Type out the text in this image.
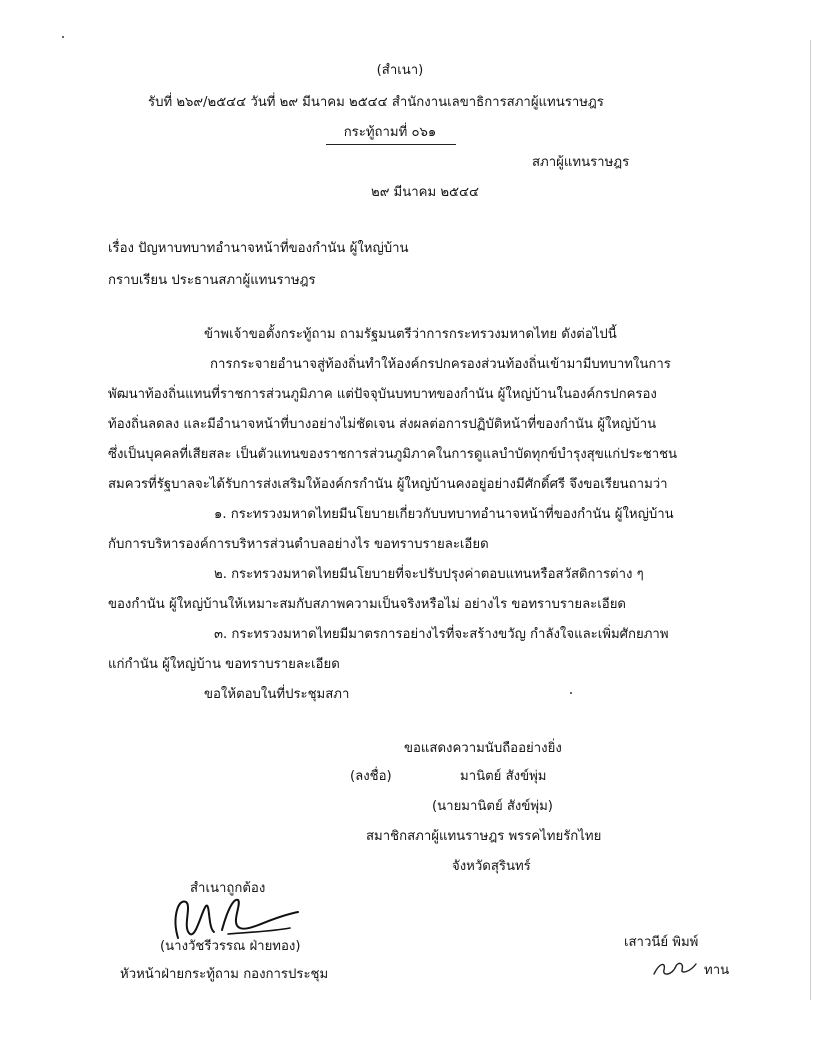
(สำเนา)
รับที่ ๒๖๙/๒๕๔๔ วันที่ ๒๙ มีนาคม ๒๕๔๔ สำนักงานเลขาธิการสภาผู้แทนราษฎร
กระทู้ถามที่ ๐๖๑
สภาผู้แทนราษฎร
๒๙ มีนาคม ๒๕๔๔
เรื่อง ปัญหาบทบาทอำนาจหน้าที่ของกำนัน ผู้ใหญ่บ้าน
กราบเรียน ประธานสภาผู้แทนราษฎร
ข้าพเจ้าขอตั้งกระทู้ถาม ถามรัฐมนตรีว่าการกระทรวงมหาดไทย ดังต่อไปนี้
การกระจายอำนาจสู่ท้องถิ่นทำให้องค์กรปกครองส่วนท้องถิ่นเข้ามามีบทบาทในการ
พัฒนาท้องถิ่นแทนที่ราชการส่วนภูมิภาค แต่ปัจจุบันบทบาทของกำนัน ผู้ใหญ่บ้านในองค์กรปกครอง
ท้องถิ่นลดลง และมีอำนาจหน้าที่บางอย่างไม่ชัดเจน ส่งผลต่อการปฏิบัติหน้าที่ของกำนัน ผู้ใหญ่บ้าน
ซึ่งเป็นบุคคลที่เสียสละ เป็นตัวแทนของราชการส่วนภูมิภาคในการดูแลบำบัดทุกข์บำรุงสุขแก่ประชาชน
สมควรที่รัฐบาลจะได้รับการส่งเสริมให้องค์กรกำนัน ผู้ใหญ่บ้านคงอยู่อย่างมีศักดิ์ศรี จึงขอเรียนถามว่า
๑. กระทรวงมหาดไทยมีนโยบายเกี่ยวกับบทบาทอำนาจหน้าที่ของกำนัน ผู้ใหญ่บ้าน
กับการบริหารองค์การบริหารส่วนตำบลอย่างไร ขอทราบรายละเอียด
๒. กระทรวงมหาดไทยมีนโยบายที่จะปรับปรุงค่าตอบแทนหรือสวัสดิการต่าง ๆ
ของกำนัน ผู้ใหญ่บ้านให้เหมาะสมกับสภาพความเป็นจริงหรือไม่ อย่างไร ขอทราบรายละเอียด
๓. กระทรวงมหาดไทยมีมาตรการอย่างไรที่จะสร้างขวัญ กำลังใจและเพิ่มศักยภาพ
แก่กำนัน ผู้ใหญ่บ้าน ขอทราบรายละเอียด
ขอให้ตอบในที่ประชุมสภา
ขอแสดงความนับถืออย่างยิ่ง
(ลงชื่อ)	มานิตย์ สังข์พุ่ม
(นายมานิตย์ สังข์พุ่ม)
สมาชิกสภาผู้แทนราษฎร พรรคไทยรักไทย
จังหวัดสุรินทร์
สำเนาถูกต้อง
(นางวัชรีวรรณ ฝ่ายทอง)
หัวหน้าฝ่ายกระทู้ถาม กองการประชุม
เสาวนีย์ พิมพ์
ทาน
